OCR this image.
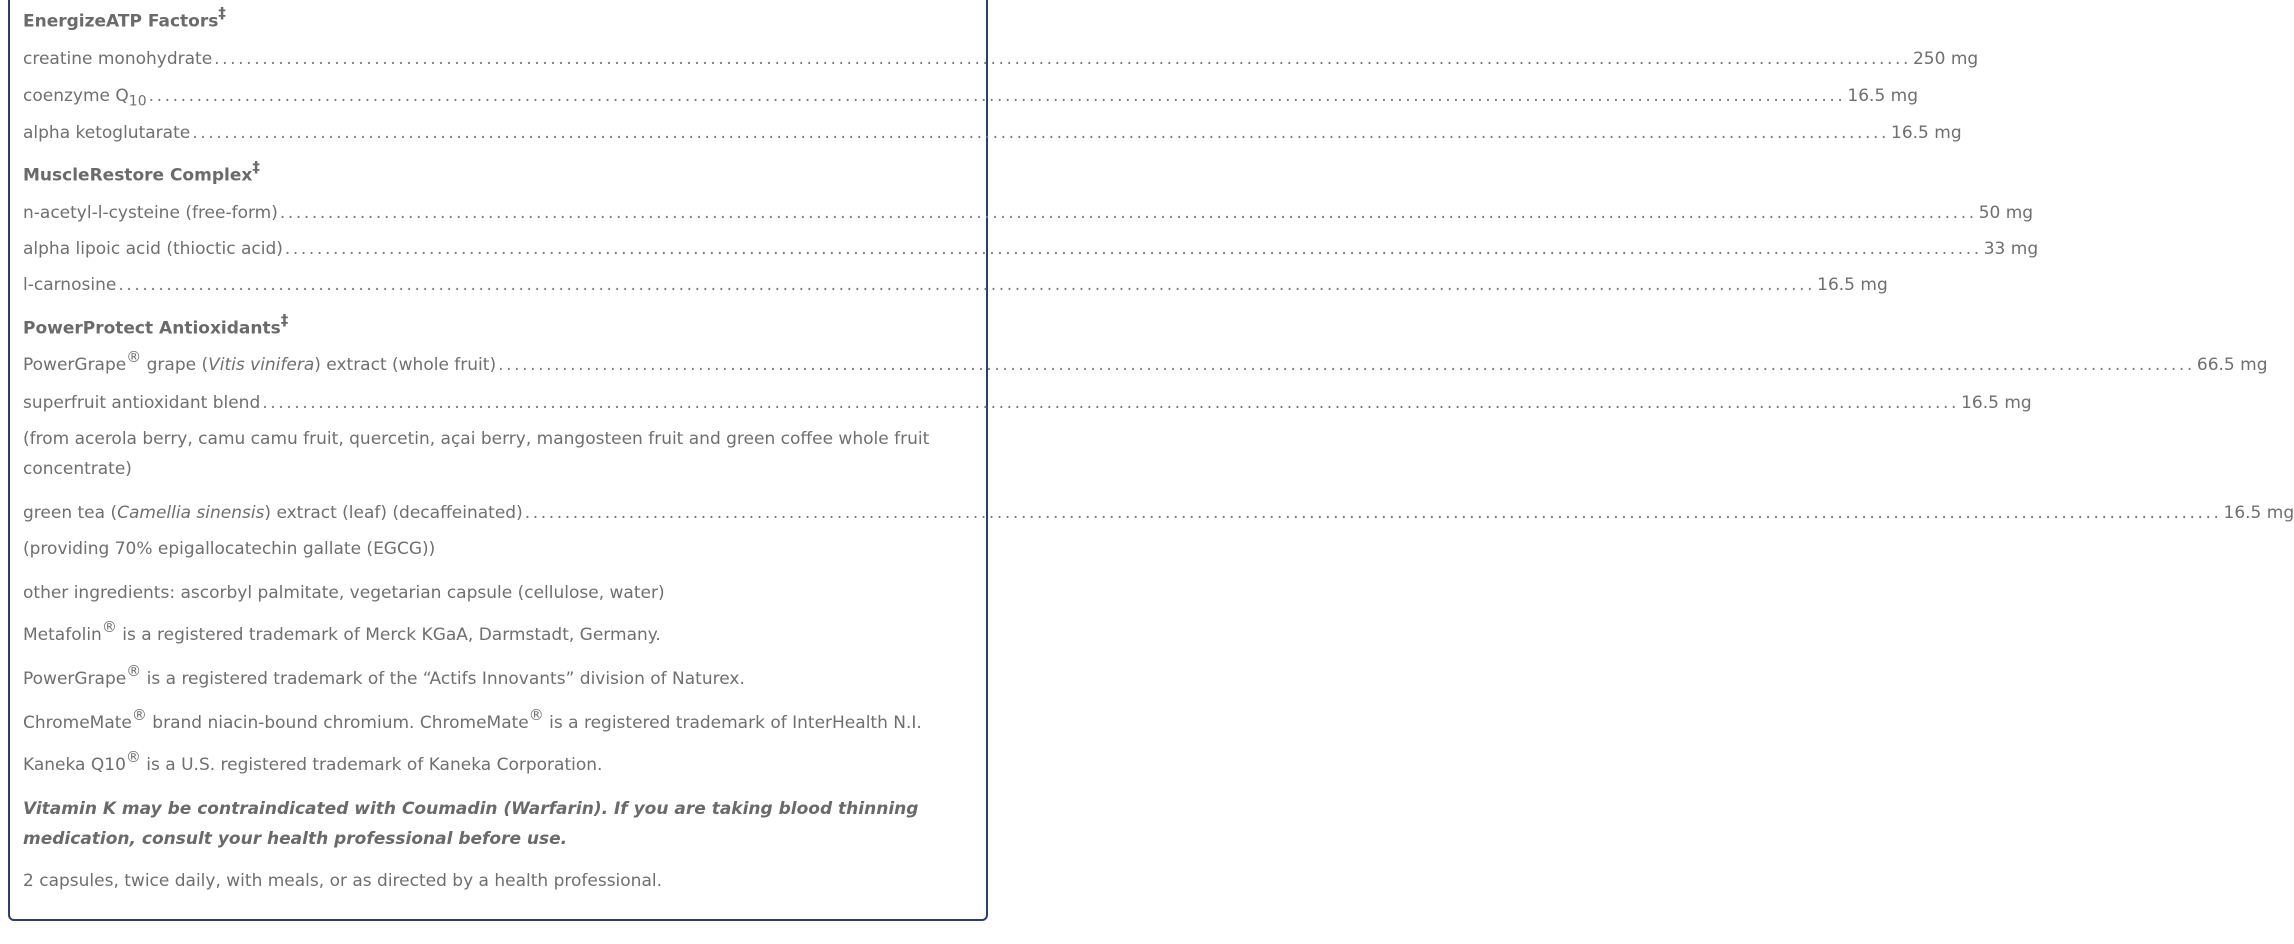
EnergizeATP Factors‡
creatine monohydrate .................................................................................................................................................................................................................... 250 mg
coenzyme $Q_{10}$ .................................................................................................................................................................................................................... 16.5 mg
alpha ketoglutarate .................................................................................................................................................................................................................... 16.5 mg
MuscleRestore Complex‡
n-acetyl-l-cysteine (free-form) .................................................................................................................................................................................................................... 50 mg
alpha lipoic acid (thioctic acid) .................................................................................................................................................................................................................... 33 mg
l-carnosine .................................................................................................................................................................................................................... 16.5 mg
PowerProtect Antioxidants‡
PowerGrape® grape (Vitis vinifera) extract (whole fruit) .................................................................................................................................................................................................................... 66.5 mg
superfruit antioxidant blend .................................................................................................................................................................................................................... 16.5 mg
(from acerola berry, camu camu fruit, quercetin, açai berry, mangosteen fruit and green coffee whole fruit concentrate)
green tea (Camellia sinensis) extract (leaf) (decaffeinated) .................................................................................................................................................................................................................... 16.5 mg
(providing 70% epigallocatechin gallate (EGCG))
other ingredients: ascorbyl palmitate, vegetarian capsule (cellulose, water)
Metafolin® is a registered trademark of Merck KGaA, Darmstadt, Germany.
PowerGrape® is a registered trademark of the “Actifs Innovants” division of Naturex.
ChromeMate® brand niacin-bound chromium. ChromeMate® is a registered trademark of InterHealth N.I.
Kaneka Q10® is a U.S. registered trademark of Kaneka Corporation.
Vitamin K may be contraindicated with Coumadin (Warfarin). If you are taking blood thinning medication, consult your health professional before use.
2 capsules, twice daily, with meals, or as directed by a health professional.
